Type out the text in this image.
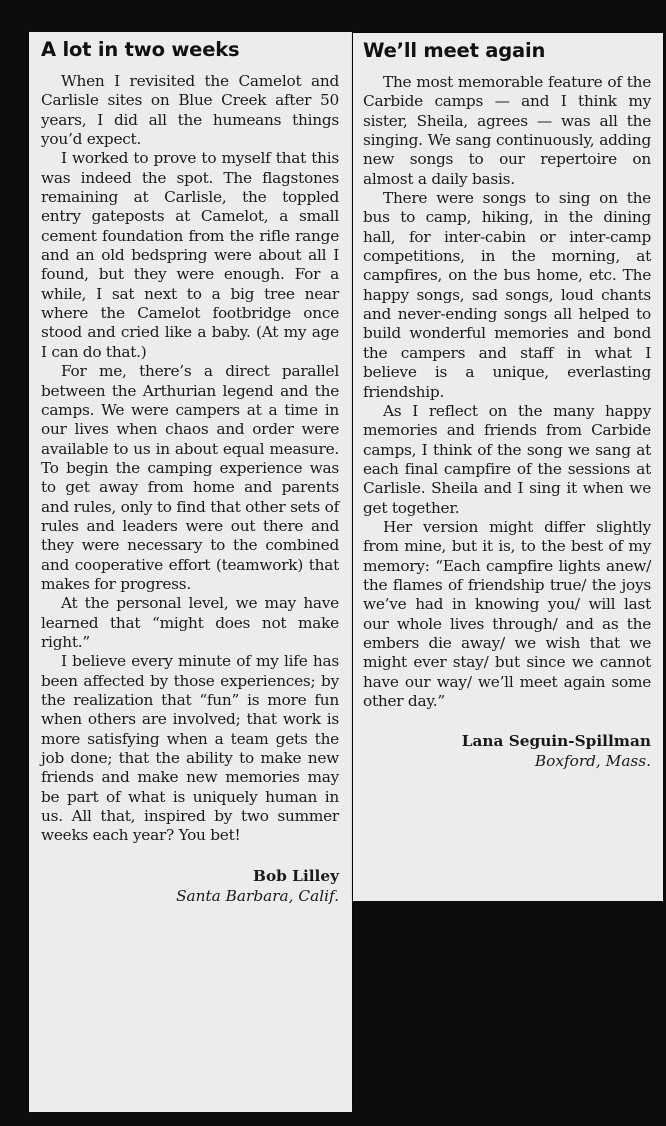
A lot in two weeks

When I revisited the Camelot and Carlisle sites on Blue Creek after 50 years, I did all the humeans things you’d expect.

I worked to prove to myself that this was indeed the spot. The flagstones remaining at Carlisle, the toppled entry gateposts at Camelot, a small cement foundation from the rifle range and an old bedspring were about all I found, but they were enough. For a while, I sat next to a big tree near where the Camelot footbridge once stood and cried like a baby. (At my age I can do that.)

For me, there’s a direct parallel between the Arthurian legend and the camps. We were campers at a time in our lives when chaos and order were available to us in about equal measure. To begin the camping experience was to get away from home and parents and rules, only to find that other sets of rules and leaders were out there and they were necessary to the combined and cooperative effort (teamwork) that makes for progress.

At the personal level, we may have learned that “might does not make right.”

I believe every minute of my life has been affected by those experiences; by the realization that “fun” is more fun when others are involved; that work is more satisfying when a team gets the job done; that the ability to make new friends and make new memories may be part of what is uniquely human in us. All that, inspired by two summer weeks each year? You bet!

Bob Lilley
Santa Barbara, Calif.
We’ll meet again

The most memorable feature of the Carbide camps — and I think my sister, Sheila, agrees — was all the singing. We sang continuously, adding new songs to our repertoire on almost a daily basis.

There were songs to sing on the bus to camp, hiking, in the dining hall, for inter-cabin or inter-camp competitions, in the morning, at campfires, on the bus home, etc. The happy songs, sad songs, loud chants and never-ending songs all helped to build wonderful memories and bond the campers and staff in what I believe is a unique, everlasting friendship.

As I reflect on the many happy memories and friends from Carbide camps, I think of the song we sang at each final campfire of the sessions at Carlisle. Sheila and I sing it when we get together.

Her version might differ slightly from mine, but it is, to the best of my memory: “Each campfire lights anew/ the flames of friendship true/ the joys we’ve had in knowing you/ will last our whole lives through/ and as the embers die away/ we wish that we might ever stay/ but since we cannot have our way/ we’ll meet again some other day.”

Lana Seguin-Spillman
Boxford, Mass.
